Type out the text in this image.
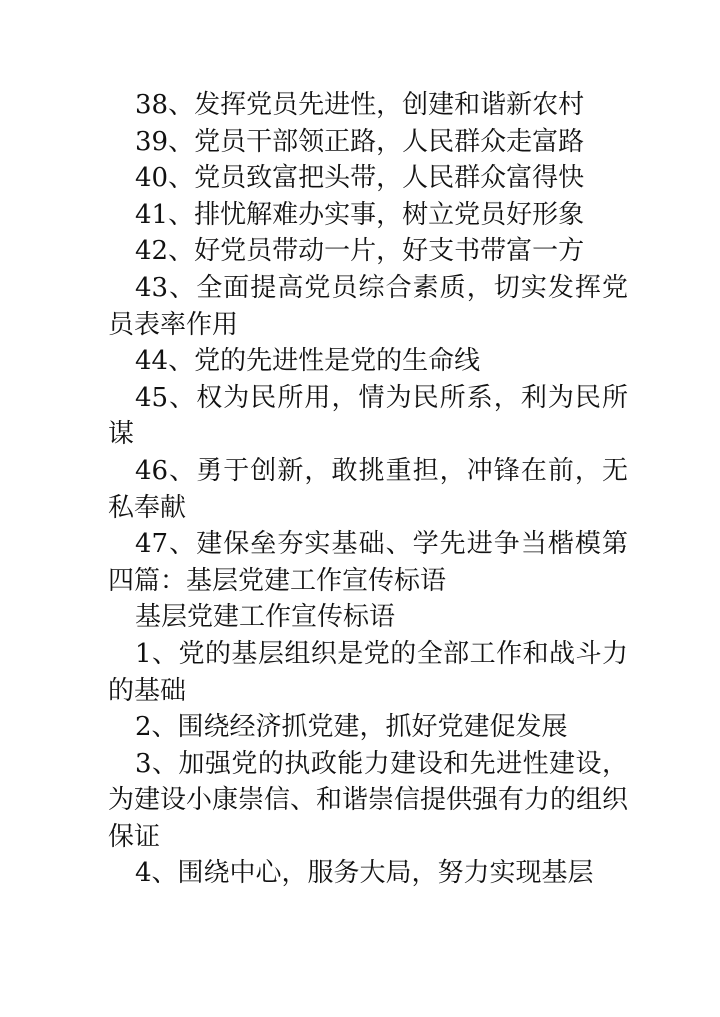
38、发挥党员先进性，创建和谐新农村

39、党员干部领正路，人民群众走富路

40、党员致富把头带，人民群众富得快

41、排忧解难办实事，树立党员好形象

42、好党员带动一片，好支书带富一方

43、全面提高党员综合素质，切实发挥党员表率作用

44、党的先进性是党的生命线

45、权为民所用，情为民所系，利为民所谋

46、勇于创新，敢挑重担，冲锋在前，无私奉献

47、建保垒夯实基础、学先进争当楷模第四篇：基层党建工作宣传标语

基层党建工作宣传标语

1、党的基层组织是党的全部工作和战斗力的基础

2、围绕经济抓党建，抓好党建促发展

3、加强党的执政能力建设和先进性建设，为建设小康崇信、和谐崇信提供强有力的组织保证

4、围绕中心，服务大局，努力实现基层
